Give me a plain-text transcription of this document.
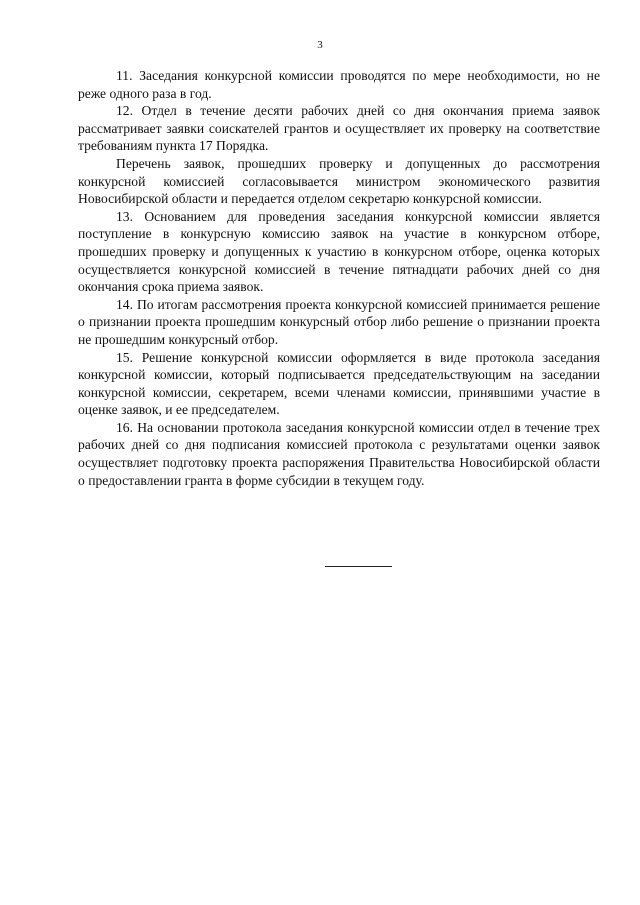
3

11. Заседания конкурсной комиссии проводятся по мере необходимости, но не реже одного раза в год.

12. Отдел в течение десяти рабочих дней со дня окончания приема заявок рассматривает заявки соискателей грантов и осуществляет их проверку на соответствие требованиям пункта 17 Порядка.

Перечень заявок, прошедших проверку и допущенных до рассмотрения конкурсной комиссией согласовывается министром экономического развития Новосибирской области и передается отделом секретарю конкурсной комиссии.

13. Основанием для проведения заседания конкурсной комиссии является поступление в конкурсную комиссию заявок на участие в конкурсном отборе, прошедших проверку и допущенных к участию в конкурсном отборе, оценка которых осуществляется конкурсной комиссией в течение пятнадцати рабочих дней со дня окончания срока приема заявок.

14. По итогам рассмотрения проекта конкурсной комиссией принимается решение о признании проекта прошедшим конкурсный отбор либо решение о признании проекта не прошедшим конкурсный отбор.

15. Решение конкурсной комиссии оформляется в виде протокола заседания конкурсной комиссии, который подписывается председательствующим на заседании конкурсной комиссии, секретарем, всеми членами комиссии, принявшими участие в оценке заявок, и ее председателем.

16. На основании протокола заседания конкурсной комиссии отдел в течение трех рабочих дней со дня подписания комиссией протокола с результатами оценки заявок осуществляет подготовку проекта распоряжения Правительства Новосибирской области о предоставлении гранта в форме субсидии в текущем году.
